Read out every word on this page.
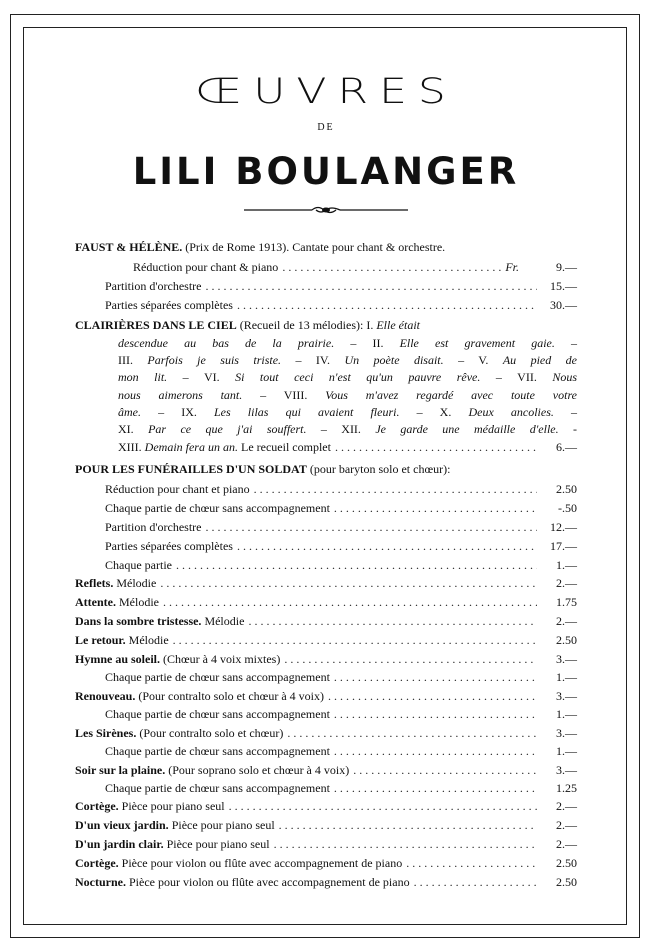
ŒUVRES
DE
LILI BOULANGER
FAUST & HÉLÈNE. (Prix de Rome 1913). Cantate pour chant & orchestre.
Réduction pour chant & piano . . .	Fr.	9.—
Partition d'orchestre . . .	15.—
Parties séparées complètes . . .	30.—
CLAIRIÈRES DANS LE CIEL (Recueil de 13 mélodies): I. Elle était
descendue au bas de la prairie. – II. Elle est gravement gaie. –
III. Parfois je suis triste. – IV. Un poète disait. – V. Au pied de
mon lit. – VI. Si tout ceci n'est qu'un pauvre rêve. – VII. Nous
nous aimerons tant. – VIII. Vous m'avez regardé avec toute votre
âme. – IX. Les lilas qui avaient fleuri. – X. Deux ancolies. –
XI. Par ce que j'ai souffert. – XII. Je garde une médaille d'elle. -
XIII. Demain fera un an. Le recueil complet . . .	6.—
POUR LES FUNÉRAILLES D'UN SOLDAT (pour baryton solo et chœur):
Réduction pour chant et piano . . .	2.50
Chaque partie de chœur sans accompagnement . . .	-.50
Partition d'orchestre . . .	12.—
Parties séparées complètes . . .	17.—
Chaque partie . . .	1.—
Reflets. Mélodie . . .	2.—
Attente. Mélodie . . .	1.75
Dans la sombre tristesse. Mélodie . . .	2.—
Le retour. Mélodie . . .	2.50
Hymne au soleil. (Chœur à 4 voix mixtes) . . .	3.—
Chaque partie de chœur sans accompagnement . . .	1.—
Renouveau. (Pour contralto solo et chœur à 4 voix) . . .	3.—
Chaque partie de chœur sans accompagnement . . .	1.—
Les Sirènes. (Pour contralto solo et chœur) . . .	3.—
Chaque partie de chœur sans accompagnement . . .	1.—
Soir sur la plaine. (Pour soprano solo et chœur à 4 voix) . . .	3.—
Chaque partie de chœur sans accompagnement . . .	1.25
Cortège. Pièce pour piano seul . . .	2.—
D'un vieux jardin. Pièce pour piano seul . . .	2.—
D'un jardin clair. Pièce pour piano seul . . .	2.—
Cortège. Pièce pour violon ou flûte avec accompagnement de piano . . .	2.50
Nocturne. Pièce pour violon ou flûte avec accompagnement de piano . . .	2.50
